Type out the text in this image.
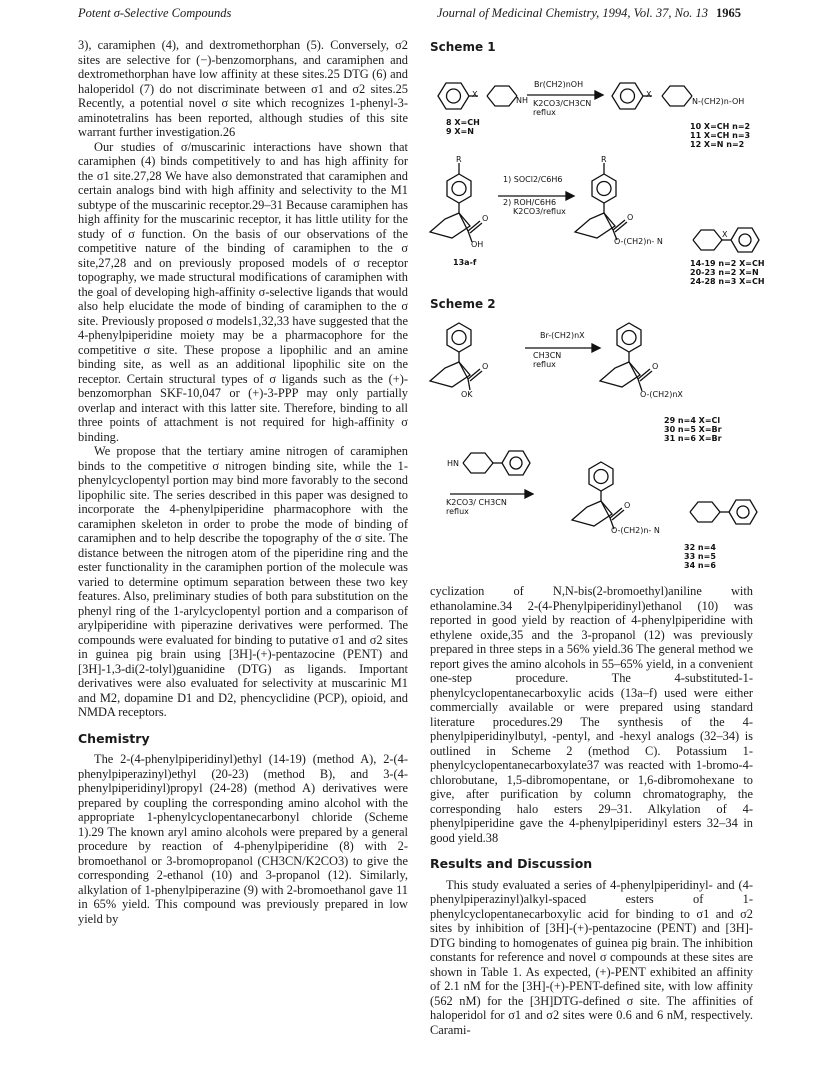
Potent σ-Selective Compounds	Journal of Medicinal Chemistry, 1994, Vol. 37, No. 13 1965

3), caramiphen (4), and dextromethorphan (5). Conversely, σ2 sites are selective for (−)-benzomorphans, and caramiphen and dextromethorphan have low affinity at these sites.25 DTG (6) and haloperidol (7) do not discriminate between σ1 and σ2 sites.25 Recently, a potential novel σ site which recognizes 1-phenyl-3-aminotetralins has been reported, although studies of this site warrant further investigation.26

Our studies of σ/muscarinic interactions have shown that caramiphen (4) binds competitively to and has high affinity for the σ1 site.27,28 We have also demonstrated that caramiphen and certain analogs bind with high affinity and selectivity to the M1 subtype of the muscarinic receptor.29–31 Because caramiphen has high affinity for the muscarinic receptor, it has little utility for the study of σ function. On the basis of our observations of the competitive nature of the binding of caramiphen to the σ site,27,28 and on previously proposed models of σ receptor topography, we made structural modifications of caramiphen with the goal of developing high-affinity σ-selective ligands that would also help elucidate the mode of binding of caramiphen to the σ site. Previously proposed σ models1,32,33 have suggested that the 4-phenylpiperidine moiety may be a pharmacophore for the competitive σ site. These propose a lipophilic and an amine binding site, as well as an additional lipophilic site on the receptor. Certain structural types of σ ligands such as the (+)-benzomorphan SKF-10,047 or (+)-3-PPP may only partially overlap and interact with this latter site. Therefore, binding to all three points of attachment is not required for high-affinity σ binding.

We propose that the tertiary amine nitrogen of caramiphen binds to the competitive σ nitrogen binding site, while the 1-phenylcyclopentyl portion may bind more favorably to the second lipophilic site. The series described in this paper was designed to incorporate the 4-phenylpiperidine pharmacophore with the caramiphen skeleton in order to probe the mode of binding of caramiphen and to help describe the topography of the σ site. The distance between the nitrogen atom of the piperidine ring and the ester functionality in the caramiphen portion of the molecule was varied to determine optimum separation between these two key features. Also, preliminary studies of both para substitution on the phenyl ring of the 1-arylcyclopentyl portion and a comparison of arylpiperidine with piperazine derivatives were performed. The compounds were evaluated for binding to putative σ1 and σ2 sites in guinea pig brain using [3H]-(+)-pentazocine (PENT) and [3H]-1,3-di(2-tolyl)guanidine (DTG) as ligands. Important derivatives were also evaluated for selectivity at muscarinic M1 and M2, dopamine D1 and D2, phencyclidine (PCP), opioid, and NMDA receptors.

Chemistry

The 2-(4-phenylpiperidinyl)ethyl (14-19) (method A), 2-(4-phenylpiperazinyl)ethyl (20-23) (method B), and 3-(4-phenylpiperidinyl)propyl (24-28) (method A) derivatives were prepared by coupling the corresponding amino alcohol with the appropriate 1-phenylcyclopentanecarbonyl chloride (Scheme 1).29 The known aryl amino alcohols were prepared by a general procedure by reaction of 4-phenylpiperidine (8) with 2-bromoethanol or 3-bromopropanol (CH3CN/K2CO3) to give the corresponding 2-ethanol (10) and 3-propanol (12). Similarly, alkylation of 1-phenylpiperazine (9) with 2-bromoethanol gave 11 in 65% yield. This compound was previously prepared in low yield by

cyclization of N,N-bis(2-bromoethyl)aniline with ethanolamine.34 2-(4-Phenylpiperidinyl)ethanol (10) was reported in good yield by reaction of 4-phenylpiperidine with ethylene oxide,35 and the 3-propanol (12) was previously prepared in three steps in a 56% yield.36 The general method we report gives the amino alcohols in 55–65% yield, in a convenient one-step procedure. The 4-substituted-1-phenylcyclopentanecarboxylic acids (13a–f) used were either commercially available or were prepared using standard literature procedures.29 The synthesis of the 4-phenylpiperidinylbutyl, -pentyl, and -hexyl analogs (32–34) is outlined in Scheme 2 (method C). Potassium 1-phenylcyclopentanecarboxylate37 was reacted with 1-bromo-4-chlorobutane, 1,5-dibromopentane, or 1,6-dibromohexane to give, after purification by column chromatography, the corresponding halo esters 29–31. Alkylation of 4-phenylpiperidine gave the 4-phenylpiperidinyl esters 32–34 in good yield.38

Results and Discussion

This study evaluated a series of 4-phenylpiperidinyl- and (4-phenylpiperazinyl)alkyl-spaced esters of 1-phenylcyclopentanecarboxylic acid for binding to σ1 and σ2 sites by inhibition of [3H]-(+)-pentazocine (PENT) and [3H]-DTG binding to homogenates of guinea pig brain. The inhibition constants for reference and novel σ compounds at these sites are shown in Table 1. As expected, (+)-PENT exhibited an affinity of 2.1 nM for the [3H]-(+)-PENT-defined site, with low affinity (562 nM) for the [3H]DTG-defined σ site. The affinities of haloperidol for σ1 and σ2 sites were 0.6 and 6 nM, respectively. Carami-

Scheme 1
X
NH
Br(CH2)nOH
K2CO3/CH3CN
reflux
8 X=CH
9 X=N
X
N-(CH2)n-OH
10 X=CH n=2
11 X=CH n=3
12 X=N n=2
R	R
1) SOCl2/C6H6
2) ROH/C6H6
K2CO3/reflux
O
OH
13a-f
O
O-(CH2)n- N
X
14-19 n=2 X=CH
20-23 n=2 X=N
24-28 n=3 X=CH
Scheme 2
Br-(CH2)nX
CH3CN
reflux
O
OK
O
O-(CH2)nX
29 n=4 X=Cl
30 n=5 X=Br
31 n=6 X=Br
HN
K2CO3/ CH3CN
reflux
O
O-(CH2)n- N
32 n=4
33 n=5
34 n=6
